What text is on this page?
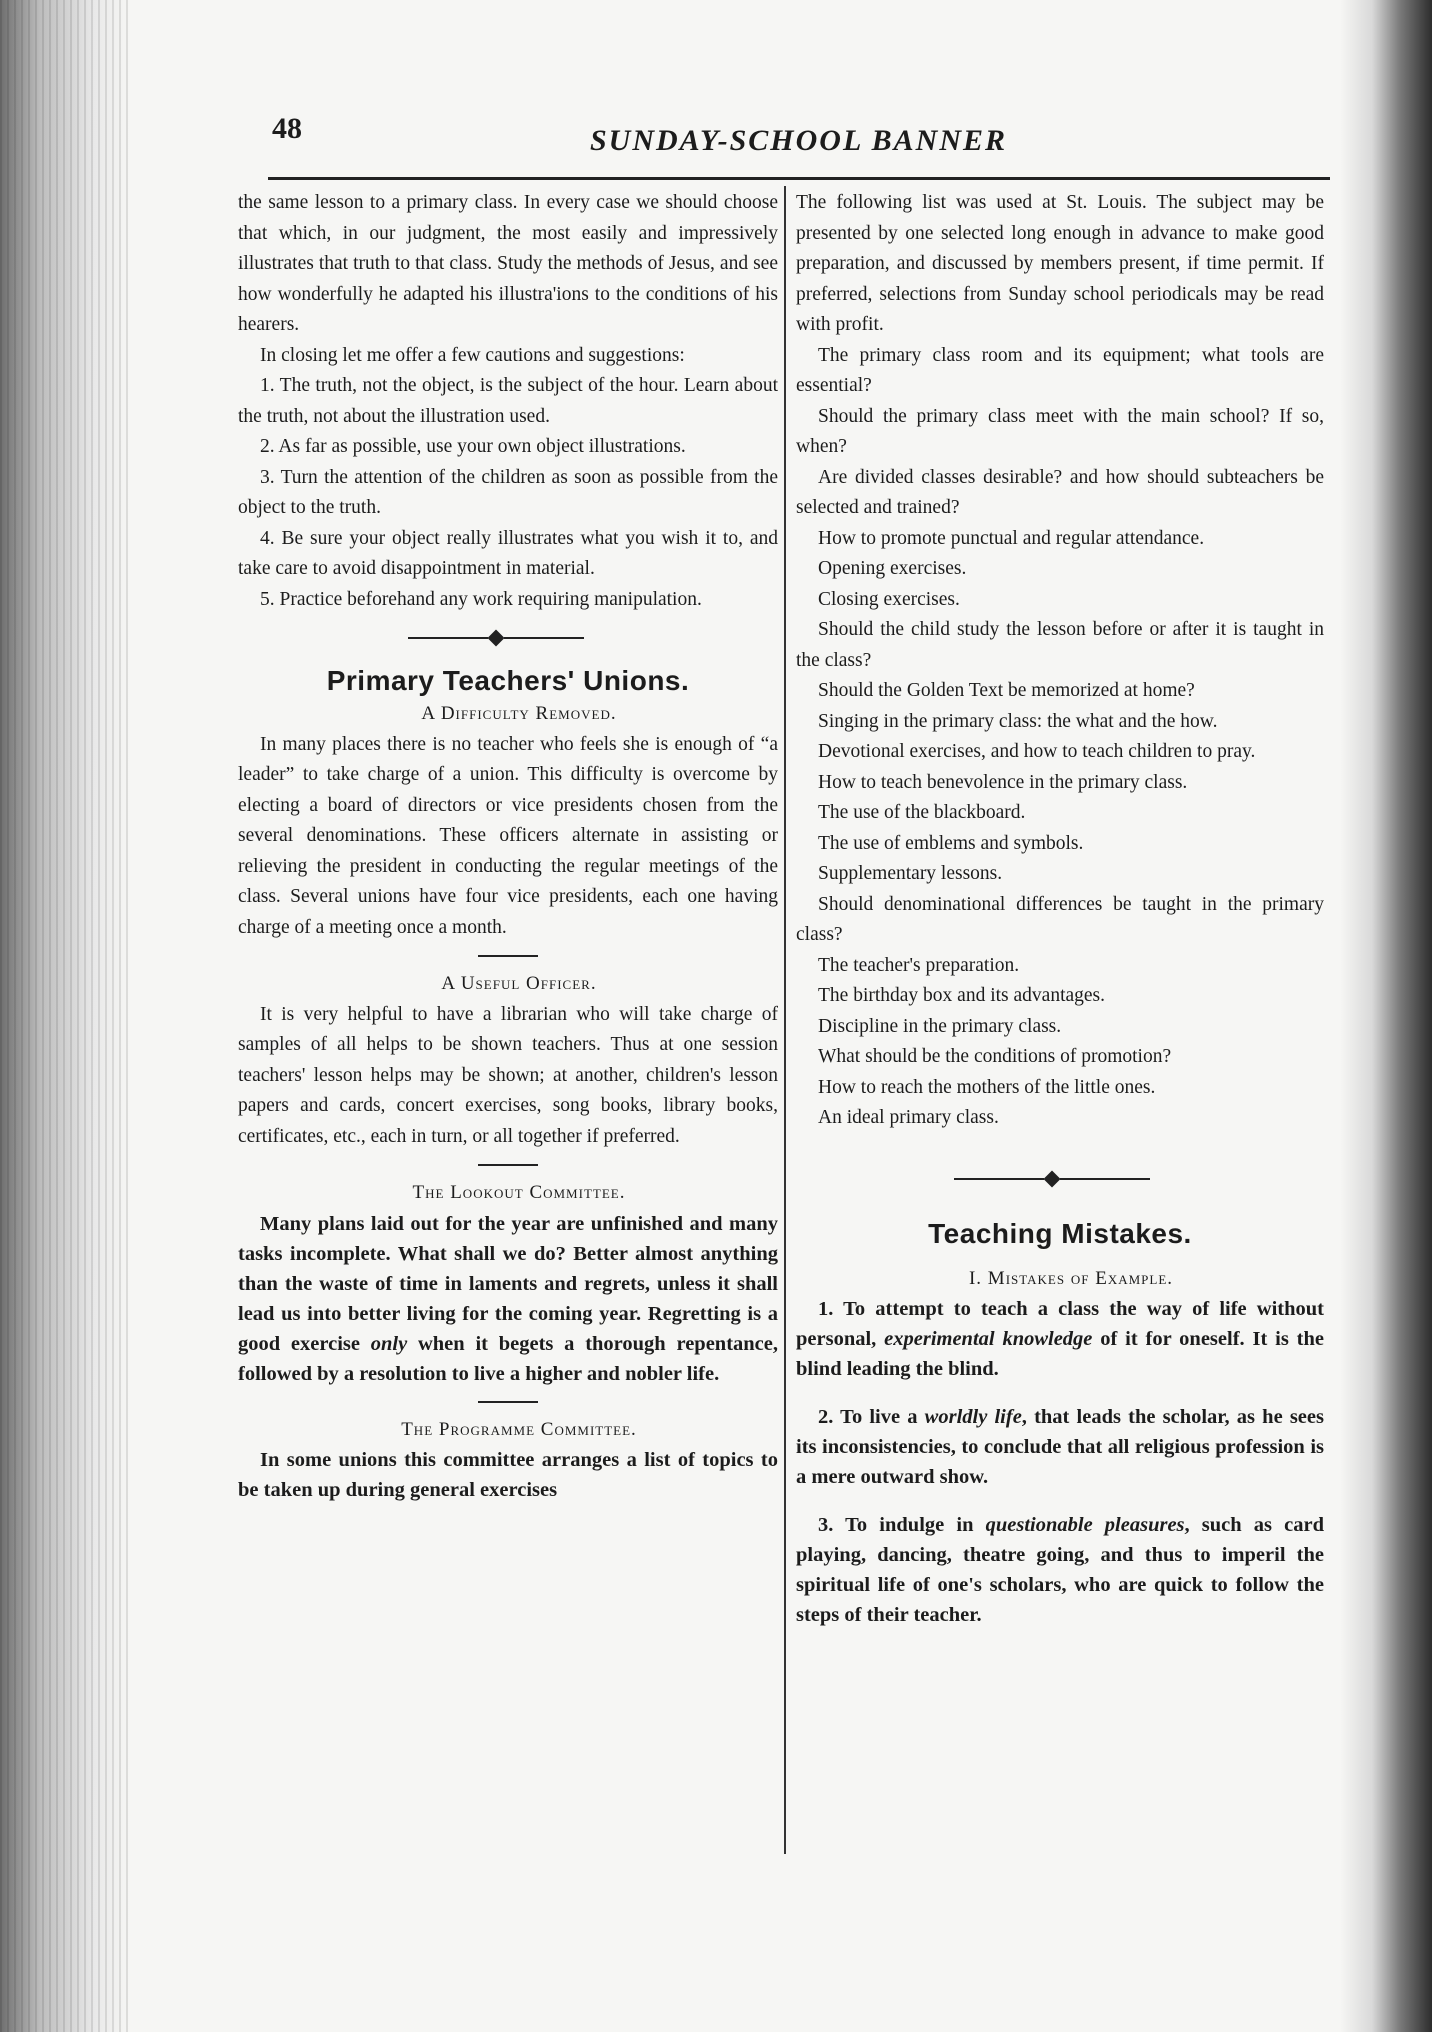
48	SUNDAY-SCHOOL BANNER

the same lesson to a primary class. In every case we should choose that which, in our judgment, the most easily and impressively illustrates that truth to that class. Study the methods of Jesus, and see how wonderfully he adapted his illustra'ions to the conditions of his hearers.

In closing let me offer a few cautions and suggestions:

1. The truth, not the object, is the subject of the hour. Learn about the truth, not about the illustration used.

2. As far as possible, use your own object illustrations.

3. Turn the attention of the children as soon as possible from the object to the truth.

4. Be sure your object really illustrates what you wish it to, and take care to avoid disappointment in material.

5. Practice beforehand any work requiring manipulation.

Primary Teachers' Unions.

A Difficulty Removed.

In many places there is no teacher who feels she is enough of “a leader” to take charge of a union. This difficulty is overcome by electing a board of directors or vice presidents chosen from the several denominations. These officers alternate in assisting or relieving the president in conducting the regular meetings of the class. Several unions have four vice presidents, each one having charge of a meeting once a month.

A Useful Officer.

It is very helpful to have a librarian who will take charge of samples of all helps to be shown teachers. Thus at one session teachers' lesson helps may be shown; at another, children's lesson papers and cards, concert exercises, song books, library books, certificates, etc., each in turn, or all together if preferred.

The Lookout Committee.

Many plans laid out for the year are unfinished and many tasks incomplete. What shall we do? Better almost anything than the waste of time in laments and regrets, unless it shall lead us into better living for the coming year. Regretting is a good exercise only when it begets a thorough repentance, followed by a resolution to live a higher and nobler life.

The Programme Committee.

In some unions this committee arranges a list of topics to be taken up during general exercises

The following list was used at St. Louis. The subject may be presented by one selected long enough in advance to make good preparation, and discussed by members present, if time permit. If preferred, selections from Sunday school periodicals may be read with profit.

The primary class room and its equipment; what tools are essential?

Should the primary class meet with the main school? If so, when?

Are divided classes desirable? and how should subteachers be selected and trained?

How to promote punctual and regular attendance.

Opening exercises.

Closing exercises.

Should the child study the lesson before or after it is taught in the class?

Should the Golden Text be memorized at home?

Singing in the primary class: the what and the how.

Devotional exercises, and how to teach children to pray.

How to teach benevolence in the primary class.

The use of the blackboard.

The use of emblems and symbols.

Supplementary lessons.

Should denominational differences be taught in the primary class?

The teacher's preparation.

The birthday box and its advantages.

Discipline in the primary class.

What should be the conditions of promotion?

How to reach the mothers of the little ones.

An ideal primary class.

Teaching Mistakes.

I. Mistakes of Example.

1. To attempt to teach a class the way of life without personal, experimental knowledge of it for oneself. It is the blind leading the blind.

2. To live a worldly life, that leads the scholar, as he sees its inconsistencies, to conclude that all religious profession is a mere outward show.

3. To indulge in questionable pleasures, such as card playing, dancing, theatre going, and thus to imperil the spiritual life of one's scholars, who are quick to follow the steps of their teacher.
